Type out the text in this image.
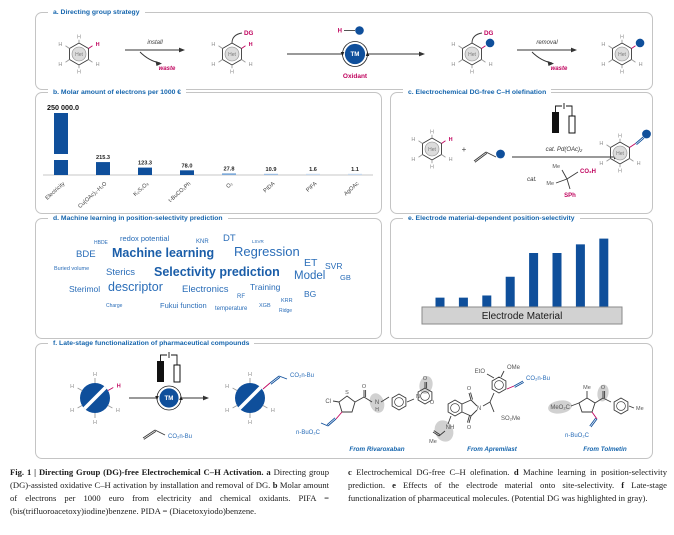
a. Directing group strategy
Het
H
H
H
H
H
H	install
waste
Het
DG
H
H
H
H
H
H
TM
Oxidant
Het
DG
H
H
H
H	removal
waste
Het
H
H
H
H
H
b. Molar amount of electrons per 1000 €
250 000.0
Electricity
215.3
Cu(OAc)₂·H₂O
123.3
K₂S₂O₈
78.0
t-BuCO₂Ph
27.8
O₂
10.9
PIDA
1.6
PIFA
1.1
AgOAc
c. Electrochemical DG-free C–H olefination
Het
H
H
H
H
H
H
+	cat. Pd(OAc)₂
cat.
Me
Me
CO₂H
SPh
Het
H
H
H
H
H
d. Machine learning in position-selectivity prediction
HBDE redox potential	KNR DT	LSVR
BDE Machine learning Regression
ET SVR
Buried volume Sterics Selectivity prediction Model GB
Sterimol descriptor Electronics	Training
RF	BG
Charge	Fukui function temperature XGB
KRR
Ridge
e. Electrode material-dependent position-selectivity
Electrode Material
f. Late-stage functionalization of pharmaceutical compounds
H
H
H
H
H
H
TM
CO₂n-Bu
H
H
H
H
H
CO₂n-Bu
S
Cl
n-BuO₂C
O
N
H
N
O
O
From Rivaroxaban
N
O
O
NH
Me
SO₂Me
EtO
OMe
CO₂n-Bu
From Apremilast
Me
MeO₂C
O
Me
n-BuO₂C
From Tolmetin
Fig. 1 | Directing Group (DG)-free Electrochemical C–H Activation. a Directing group (DG)-assisted oxidative C–H activation by installation and removal of DG. b Molar amount of electrons per 1000 euro from electricity and chemical oxidants. PIFA = (bis(trifluoroacetoxy)iodine)benzene. PIDA = (Diacetoxyiodo)benzene.
c Electrochemical DG-free C–H olefination. d Machine learning in position-selectivity prediction. e Effects of the electrode material onto site-selectivity. f Late-stage functionalization of pharmaceutical molecules. (Potential DG was highlighted in gray).
